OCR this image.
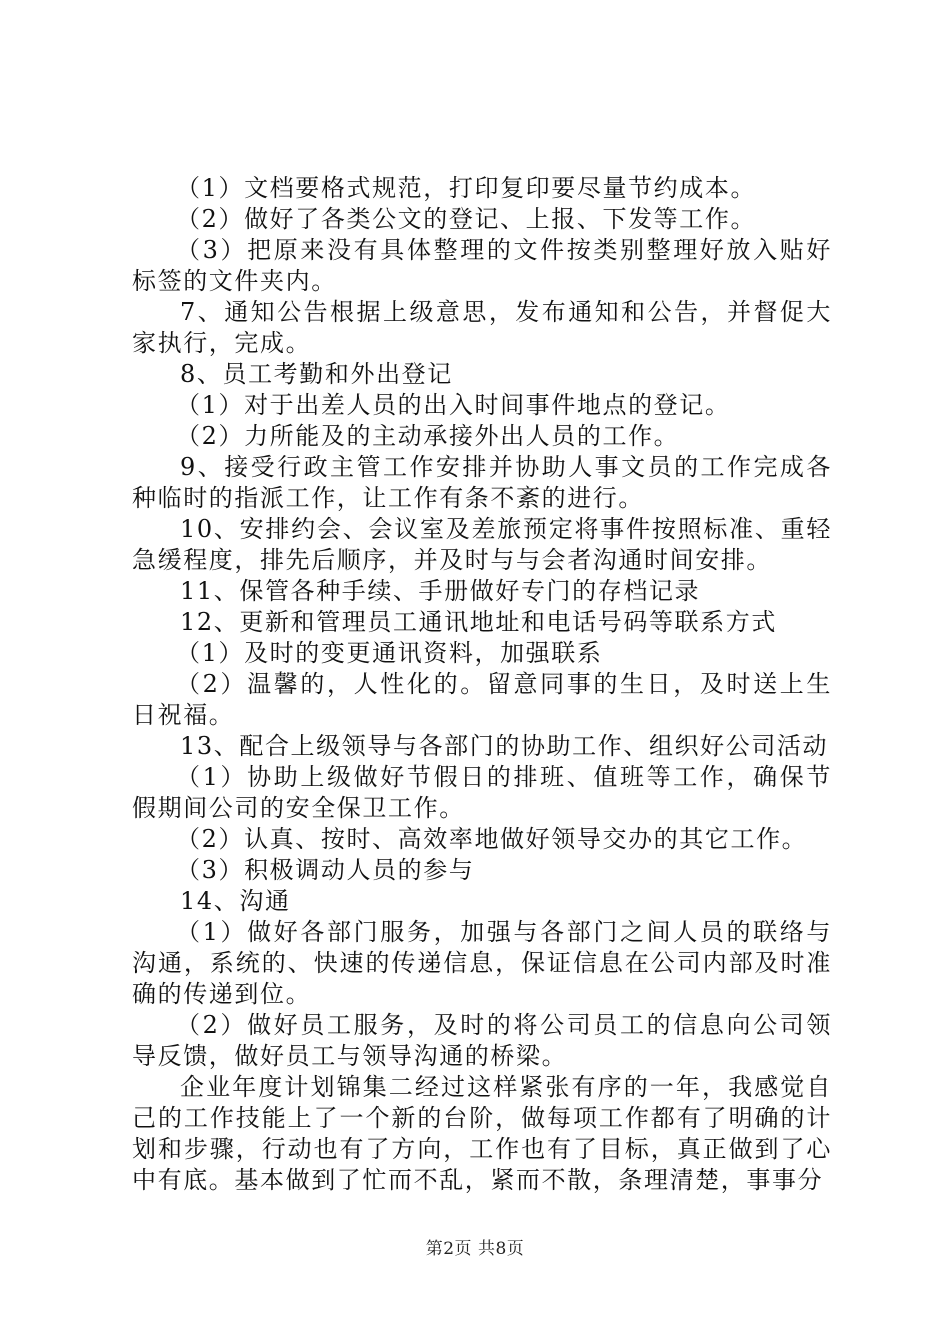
（1）文档要格式规范，打印复印要尽量节约成本。

（2）做好了各类公文的登记、上报、下发等工作。

（3）把原来没有具体整理的文件按类别整理好放入贴好标签的文件夹内。

7、通知公告根据上级意思，发布通知和公告，并督促大家执行，完成。

8、员工考勤和外出登记

（1）对于出差人员的出入时间事件地点的登记。

（2）力所能及的主动承接外出人员的工作。

9、接受行政主管工作安排并协助人事文员的工作完成各种临时的指派工作，让工作有条不紊的进行。

10、安排约会、会议室及差旅预定将事件按照标准、重轻急缓程度，排先后顺序，并及时与与会者沟通时间安排。

11、保管各种手续、手册做好专门的存档记录

12、更新和管理员工通讯地址和电话号码等联系方式

（1）及时的变更通讯资料，加强联系

（2）温馨的，人性化的。留意同事的生日，及时送上生日祝福。

13、配合上级领导与各部门的协助工作、组织好公司活动

（1）协助上级做好节假日的排班、值班等工作，确保节假期间公司的安全保卫工作。

（2）认真、按时、高效率地做好领导交办的其它工作。

（3）积极调动人员的参与

14、沟通

（1）做好各部门服务，加强与各部门之间人员的联络与沟通，系统的、快速的传递信息，保证信息在公司内部及时准确的传递到位。

（2）做好员工服务，及时的将公司员工的信息向公司领导反馈，做好员工与领导沟通的桥梁。

企业年度计划锦集二经过这样紧张有序的一年，我感觉自己的工作技能上了一个新的台阶，做每项工作都有了明确的计划和步骤，行动也有了方向，工作也有了目标，真正做到了心中有底。基本做到了忙而不乱，紧而不散，条理清楚，事事分

第2页 共8页
